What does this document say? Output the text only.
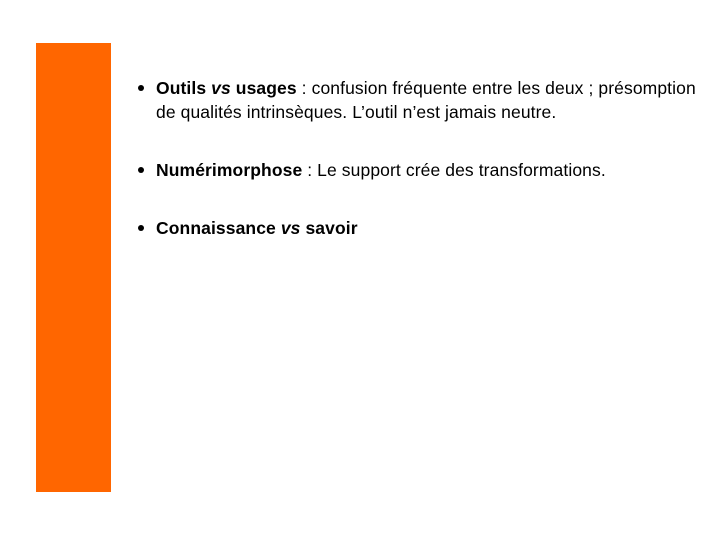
Outils vs usages : confusion fréquente entre les deux ; présomption de qualités intrinsèques. L’outil n’est jamais neutre.
Numérimorphose : Le support crée des transformations.
Connaissance vs savoir
